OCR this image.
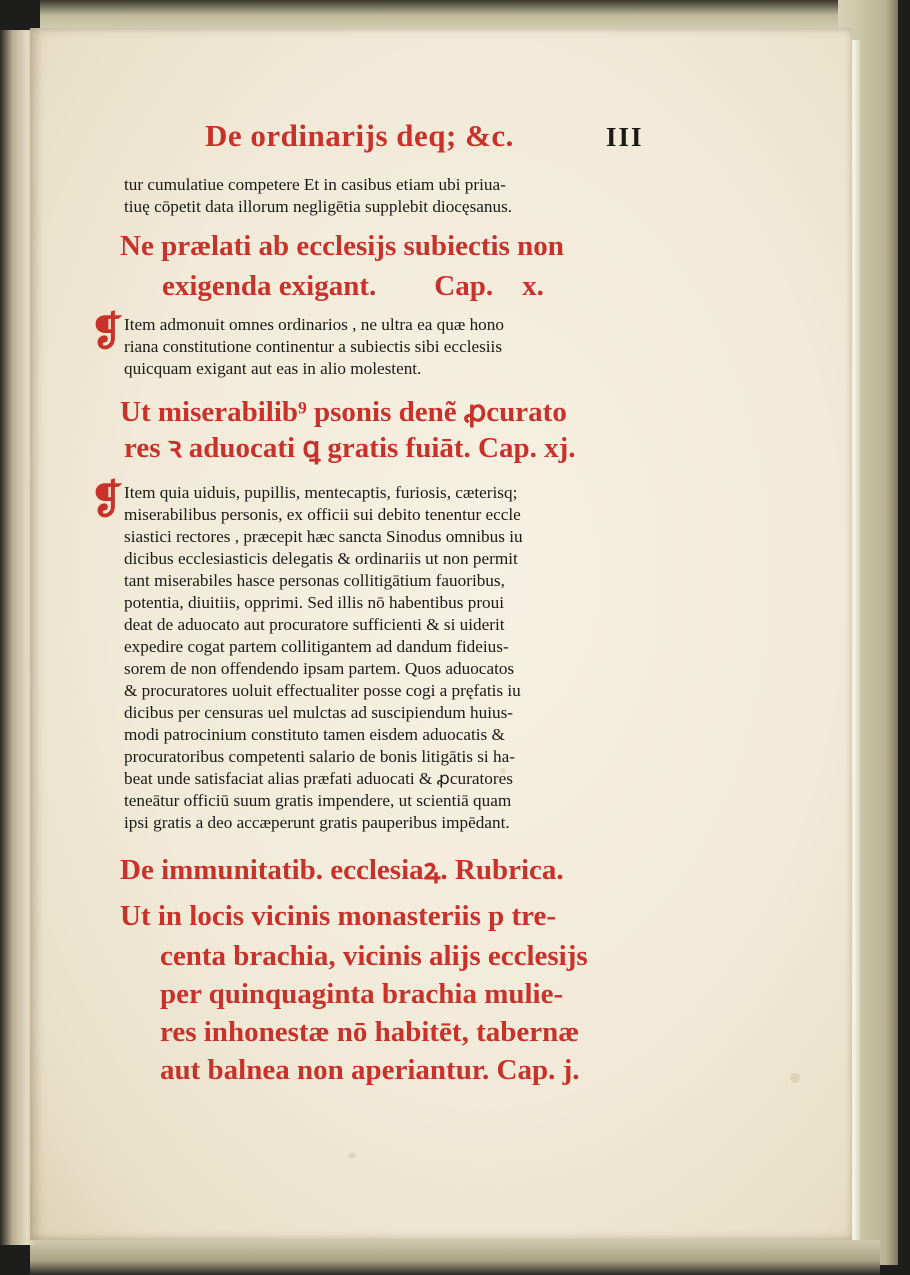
De ordinarijs deq; &c.	III
tur cumulatiue competere Et in casibus etiam ubi priua-
tiuę cōpetit data illorum negligētia supplebit diocęsanus.
Ne prælati ab ecclesijs subiectis non
exigenda exigant.        Cap.    x.
❡ Item admonuit omnes ordinarios , ne ultra ea quæ hono
riana constitutione continentur a subiectis sibi ecclesiis
quicquam exigant aut eas in alio molestent.
Ut miserabilib⁹ psonis denẽ ꝓcurato
res ꝛ aduocati ꝗ gratis fuiāt. Cap. xj.
❡ Item quia uiduis, pupillis, mentecaptis, furiosis, cæterisq;
miserabilibus personis, ex officii sui debito tenentur eccle
siastici rectores , præcepit hæc sancta Sinodus omnibus iu
dicibus ecclesiasticis delegatis & ordinariis ut non permit
tant miserabiles hasce personas collitigātium fauoribus,
potentia, diuitiis, opprimi. Sed illis nō habentibus proui
deat de aduocato aut procuratore sufficienti & si uiderit
expedire cogat partem collitigantem ad dandum fideius-
sorem de non offendendo ipsam partem. Quos aduocatos
& procuratores uoluit effectualiter posse cogi a pręfatis iu
dicibus per censuras uel mulctas ad suscipiendum huius-
modi patrocinium constituto tamen eisdem aduocatis &
procuratoribus competenti salario de bonis litigātis si ha-
beat unde satisfaciat alias præfati aduocati & ꝓcuratores
teneātur officiū suum gratis impendere, ut scientiā quam
ipsi gratis a deo accæperunt gratis pauperibus impēdant.
De immunitatib. ecclesiaꝝ. Rubrica.
Ut in locis vicinis monasteriis p tre-
centa brachia, vicinis alijs ecclesijs
per quinquaginta brachia mulie-
res inhonestæ nō habitēt, tabernæ
aut balnea non aperiantur. Cap. j.
